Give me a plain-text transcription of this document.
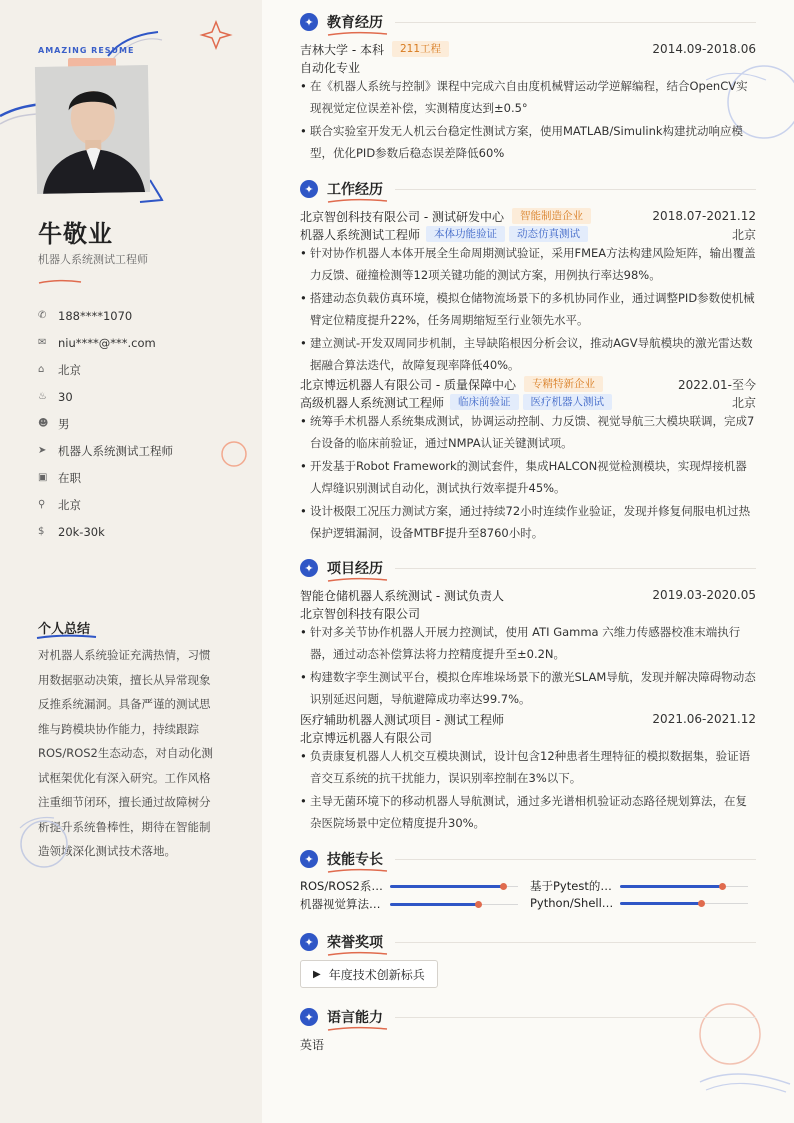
AMAZING RESUME
牛敬业
机器人系统测试工程师
✆	188****1070
✉	niu****@***.com
⌂	北京
♨ 30
☻ 男
➤	机器人系统测试工程师
▣ 在职
⚲	北京
$	20k-30k
个人总结
对机器人系统验证充满热情，习惯用数据驱动决策，擅长从异常现象反推系统漏洞。具备严谨的测试思维与跨模块协作能力，持续跟踪ROS/ROS2生态动态，对自动化测试框架优化有深入研究。工作风格注重细节闭环，擅长通过故障树分析提升系统鲁棒性，期待在智能制造领域深化测试技术落地。
✦ 教育经历
吉林大学 - 本科	211工程	2014.09-2018.06
自动化专业
• 在《机器人系统与控制》课程中完成六自由度机械臂运动学逆解编程，结合OpenCV实现视觉定位误差补偿，实测精度达到±0.5°
• 联合实验室开发无人机云台稳定性测试方案，使用MATLAB/Simulink构建扰动响应模型，优化PID参数后稳态误差降低60%
✦ 工作经历
北京智创科技有限公司 - 测试研发中心	智能制造企业	2018.07-2021.12
机器人系统测试工程师	本体功能验证	动态仿真测试	北京
• 针对协作机器人本体开展全生命周期测试验证，采用FMEA方法构建风险矩阵，输出覆盖力反馈、碰撞检测等12项关键功能的测试方案，用例执行率达98%。
• 搭建动态负载仿真环境，模拟仓储物流场景下的多机协同作业，通过调整PID参数使机械臂定位精度提升22%，任务周期缩短至行业领先水平。
• 建立测试-开发双周同步机制，主导缺陷根因分析会议，推动AGV导航模块的激光雷达数据融合算法迭代，故障复现率降低40%。
北京博远机器人有限公司 - 质量保障中心	专精特新企业	2022.01-至今
高级机器人系统测试工程师	临床前验证	医疗机器人测试	北京
• 统筹手术机器人系统集成测试，协调运动控制、力反馈、视觉导航三大模块联调，完成7台设备的临床前验证，通过NMPA认证关键测试项。
• 开发基于Robot Framework的测试套件，集成HALCON视觉检测模块，实现焊接机器人焊缝识别测试自动化，测试执行效率提升45%。
• 设计极限工况压力测试方案，通过持续72小时连续作业验证，发现并修复伺服电机过热保护逻辑漏洞，设备MTBF提升至8760小时。
✦ 项目经历
智能仓储机器人系统测试 - 测试负责人	2019.03-2020.05
北京智创科技有限公司
• 针对多关节协作机器人开展力控测试，使用 ATI Gamma 六维力传感器校准末端执行器，通过动态补偿算法将力控精度提升至±0.2N。
• 构建数字孪生测试平台，模拟仓库堆垛场景下的激光SLAM导航，发现并解决障碍物动态识别延迟问题，导航避障成功率达99.7%。
医疗辅助机器人测试项目 - 测试工程师	2021.06-2021.12
北京博远机器人有限公司
• 负责康复机器人人机交互模块测试，设计包含12种患者生理特征的模拟数据集，验证语音交互系统的抗干扰能力，误识别率控制在3%以下。
• 主导无菌环境下的移动机器人导航测试，通过多光谱相机验证动态路径规划算法，在复杂医院场景中定位精度提升30%。
✦ 技能专长
ROS/ROS2系…	基于Pytest的…
机器视觉算法…	Python/Shell…
✦ 荣誉奖项
▶ 年度技术创新标兵
✦ 语言能力
英语
